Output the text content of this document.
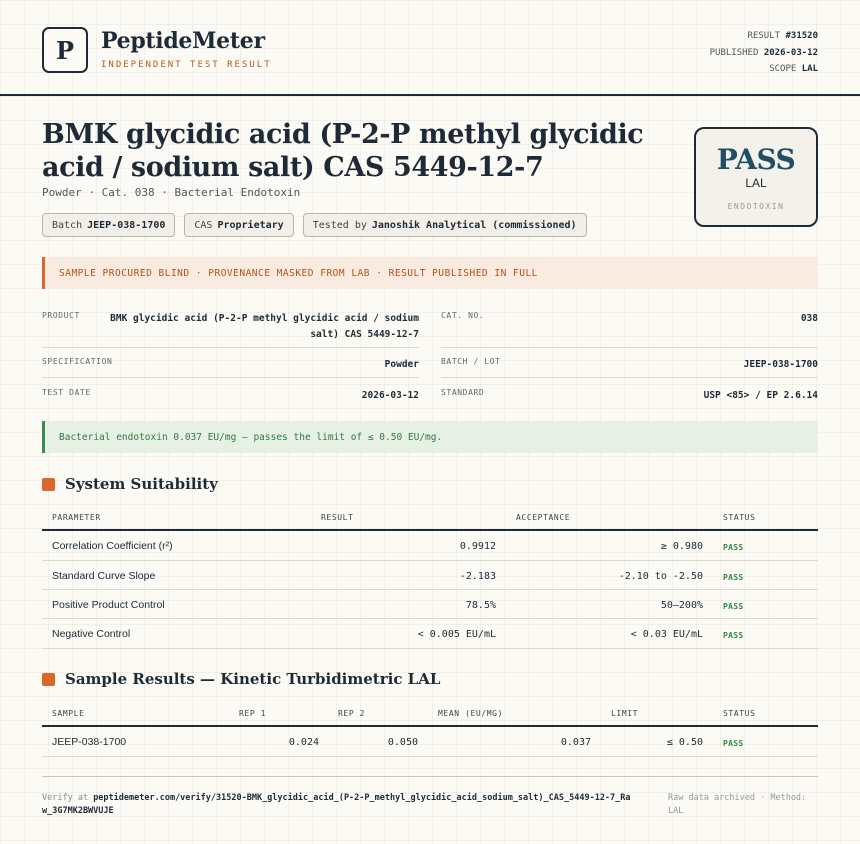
P PeptideMeter
INDEPENDENT TEST RESULT
RESULT #31520
PUBLISHED 2026-03-12
SCOPE LAL
BMK glycidic acid (P-2-P methyl glycidic acid / sodium salt) CAS 5449-12-7
Powder · Cat. 038 · Bacterial Endotoxin
Batch JEEP-038-1700	CAS Proprietary	Tested by Janoshik Analytical (commissioned)
PASS
LAL
ENDOTOXIN
SAMPLE PROCURED BLIND · PROVENANCE MASKED FROM LAB · RESULT PUBLISHED IN FULL
PRODUCT	BMK glycidic acid (P-2-P methyl glycidic acid / sodium
salt) CAS 5449-12-7
CAT. NO.	038
SPECIFICATION	Powder	BATCH / LOT	JEEP-038-1700
TEST DATE	2026-03-12	STANDARD	USP <85> / EP 2.6.14
Bacterial endotoxin 0.037 EU/mg — passes the limit of ≤ 0.50 EU/mg.
System Suitability
PARAMETER	RESULT	ACCEPTANCE	STATUS
Correlation Coefficient (r²)	0.9912	≥ 0.980	PASS
Standard Curve Slope	-2.183	-2.10 to -2.50	PASS
Positive Product Control	78.5%	50–200%	PASS
Negative Control	< 0.005 EU/mL	< 0.03 EU/mL	PASS
Sample Results — Kinetic Turbidimetric LAL
SAMPLE	REP 1	REP 2	MEAN (EU/MG)	LIMIT	STATUS
JEEP-038-1700	0.024	0.050	0.037	≤ 0.50	PASS
Verify at peptidemeter.com/verify/31520-BMK_glycidic_acid_(P-2-P_methyl_glycidic_acid_sodium_salt)_CAS_5449-12-7_Raw_3G7MK2BWVUJE
Raw data archived · Method: LAL
